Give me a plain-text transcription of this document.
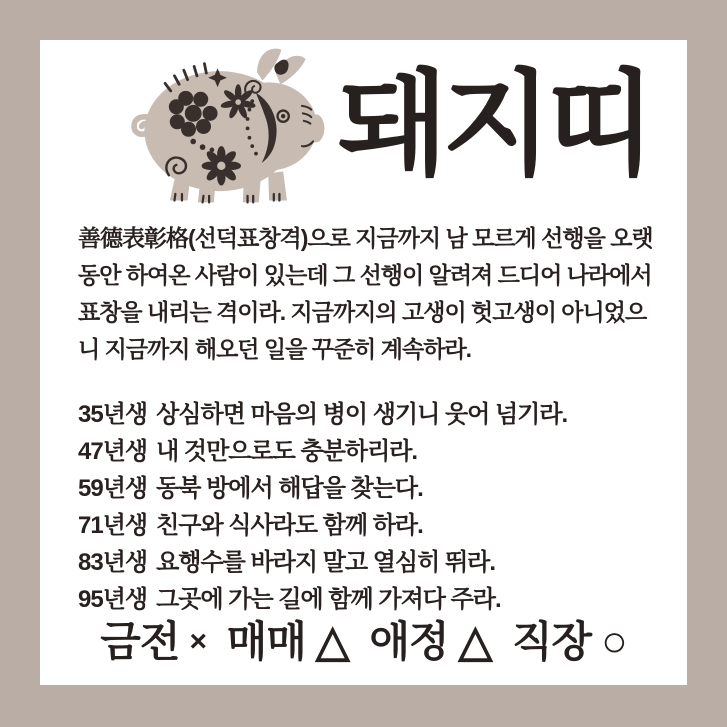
돼지띠

善德表彰格(선덕표창격)으로 지금까지 남 모르게 선행을 오랫동안 하여온 사람이 있는데 그 선행이 알려져 드디어 나라에서 표창을 내리는 격이라. 지금까지의 고생이 헛고생이 아니었으니 지금까지 해오던 일을 꾸준히 계속하라.

35년생 상심하면 마음의 병이 생기니 웃어 넘기라.
47년생 내 것만으로도 충분하리라.
59년생 동북 방에서 해답을 찾는다.
71년생 친구와 식사라도 함께 하라.
83년생 요행수를 바라지 말고 열심히 뛰라.
95년생 그곳에 가는 길에 함께 가져다 주라.
금전 × 매매 △ 애정 △ 직장 ○
